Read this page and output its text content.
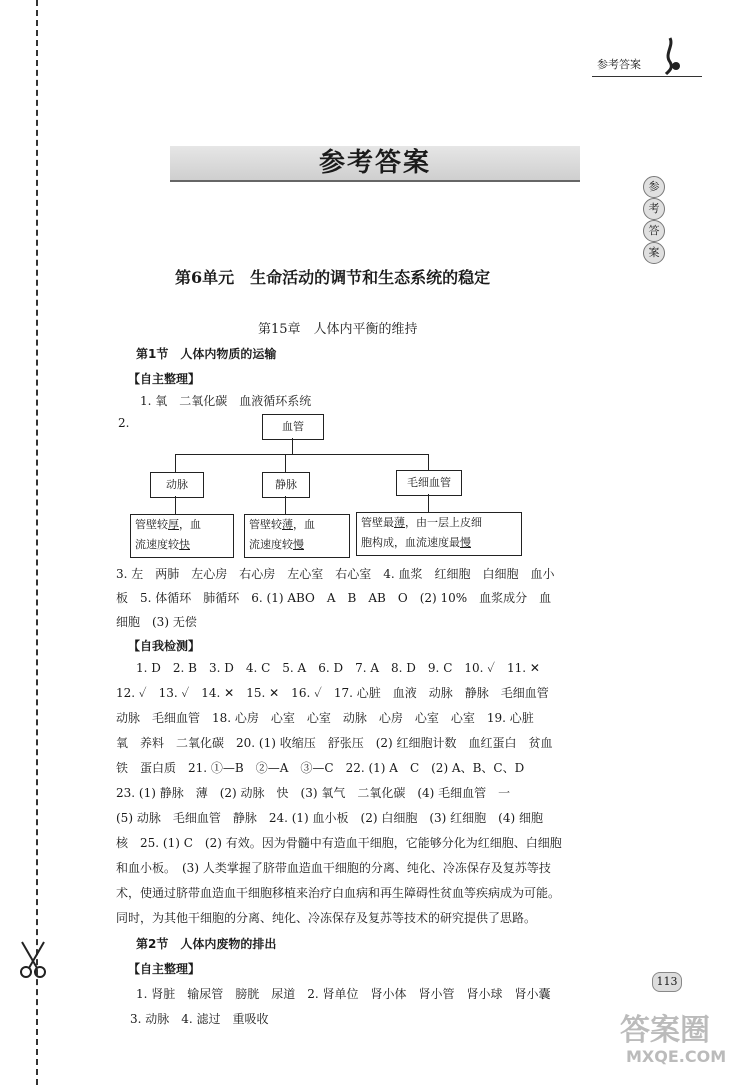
参考答案
参
考
答
案
参考答案
第6单元　生命活动的调节和生态系统的稳定
第15章　人体内平衡的维持
第1节　人体内物质的运输
【自主整理】
1. 氧　二氧化碳　血液循环系统
2.	血管
动脉	静脉	毛细血管
管壁较厚，血
流速度较快
管壁较薄，血
流速度较慢
管壁最薄，由一层上皮细
胞构成，血流速度最慢
3. 左　两肺　左心房　右心房　左心室　右心室　4. 血浆　红细胞　白细胞　血小
板　5. 体循环　肺循环　6. (1) ABO　A　B　AB　O　(2) 10%　血浆成分　血
细胞　(3) 无偿
【自我检测】
1. D　2. B　3. D　4. C　5. A　6. D　7. A　8. D　9. C　10. ✓　11. ✕
12. ✓　13. ✓　14. ✕　15. ✕　16. ✓　17. 心脏　血液　动脉　静脉　毛细血管
动脉　毛细血管　18. 心房　心室　心室　动脉　心房　心室　心室　19. 心脏
氧　养料　二氧化碳　20. (1) 收缩压　舒张压　(2) 红细胞计数　血红蛋白　贫血
铁　蛋白质　21. ①—B　②—A　③—C　22. (1) A　C　(2) A、B、C、D
23. (1) 静脉　薄　(2) 动脉　快　(3) 氧气　二氧化碳　(4) 毛细血管　一
(5) 动脉　毛细血管　静脉　24. (1) 血小板　(2) 白细胞　(3) 红细胞　(4) 细胞
核　25. (1) C　(2) 有效。因为骨髓中有造血干细胞，它能够分化为红细胞、白细胞
和血小板。　(3) 人类掌握了脐带血造血干细胞的分离、纯化、冷冻保存及复苏等技
术，使通过脐带血造血干细胞移植来治疗白血病和再生障碍性贫血等疾病成为可能。
同时，为其他干细胞的分离、纯化、冷冻保存及复苏等技术的研究提供了思路。
第2节　人体内废物的排出
【自主整理】
1. 肾脏　输尿管　膀胱　尿道　2. 肾单位　肾小体　肾小管　肾小球　肾小囊
3. 动脉　4. 滤过　重吸收
113
答案圈
MXQE.COM
